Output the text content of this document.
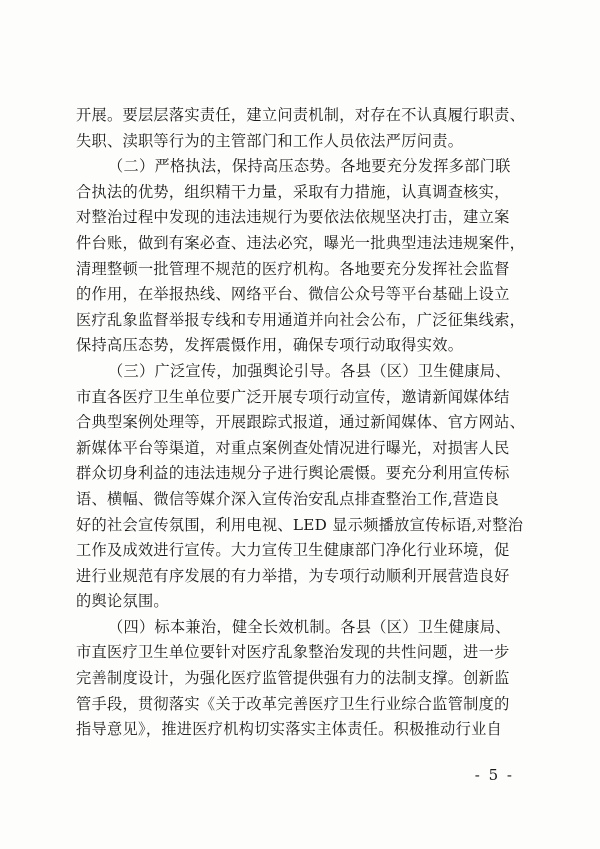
开展。要层层落实责任，建立问责机制，对存在不认真履行职责、
失职、渎职等行为的主管部门和工作人员依法严厉问责。
（二）严格执法，保持高压态势。各地要充分发挥多部门联
合执法的优势，组织精干力量，采取有力措施，认真调查核实，
对整治过程中发现的违法违规行为要依法依规坚决打击，建立案
件台账，做到有案必查、违法必究，曝光一批典型违法违规案件，
清理整顿一批管理不规范的医疗机构。各地要充分发挥社会监督
的作用，在举报热线、网络平台、微信公众号等平台基础上设立
医疗乱象监督举报专线和专用通道并向社会公布，广泛征集线索，
保持高压态势，发挥震慑作用，确保专项行动取得实效。
（三）广泛宣传，加强舆论引导。各县（区）卫生健康局、
市直各医疗卫生单位要广泛开展专项行动宣传，邀请新闻媒体结
合典型案例处理等，开展跟踪式报道，通过新闻媒体、官方网站、
新媒体平台等渠道，对重点案例查处情况进行曝光，对损害人民
群众切身利益的违法违规分子进行舆论震慑。要充分利用宣传标
语、横幅、微信等媒介深入宣传治安乱点排查整治工作,营造良
好的社会宣传氛围，利用电视、LED 显示频播放宣传标语,对整治
工作及成效进行宣传。大力宣传卫生健康部门净化行业环境，促
进行业规范有序发展的有力举措，为专项行动顺利开展营造良好
的舆论氛围。
（四）标本兼治，健全长效机制。各县（区）卫生健康局、
市直医疗卫生单位要针对医疗乱象整治发现的共性问题，进一步
完善制度设计，为强化医疗监管提供强有力的法制支撑。创新监
管手段，贯彻落实《关于改革完善医疗卫生行业综合监管制度的
指导意见》，推进医疗机构切实落实主体责任。积极推动行业自
- 5 -
